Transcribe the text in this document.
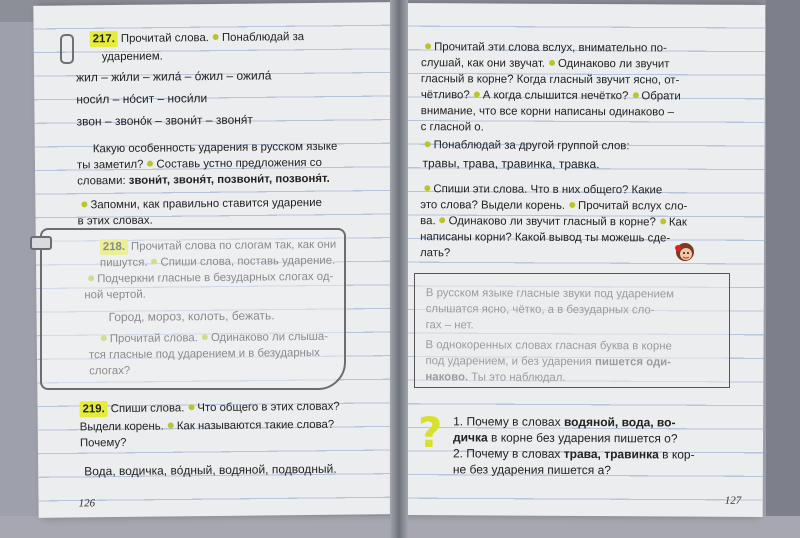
217. Прочитай слова. Понаблюдай за

ударением.

жил – жи́ли – жила́ – о́жил – ожила́

носи́л – но́сит – носи́ли

звон – звоно́к – звони́т – звоня́т

Какую особенность ударения в русском языке

ты заметил? Составь устно предложения со

словами: звони́т, звоня́т, позвони́т, позвоня́т.

Запомни, как правильно ставится ударение

в этих словах.

219. Спиши слова. Что общего в этих словах?

Выдели корень. Как называются такие слова?

Почему?

Вода, водичка, во́дный, водяной, подводный.

126

Прочитай эти слова вслух, внимательно по-

слушай, как они звучат. Одинаково ли звучит

гласный в корне? Когда гласный звучит ясно, от-

чётливо? А когда слышится нечётко? Обрати

внимание, что все корни написаны одинаково –

с гласной о.

Понаблюдай за другой группой слов:

травы, трава, травинка, травка.

Спиши эти слова. Что в них общего? Какие

это слова? Выдели корень. Прочитай вслух сло-

ва. Одинаково ли звучит гласный в корне? Как

написаны корни? Какой вывод ты можешь сде-

лать?

1. Почему в словах водяной, вода, во-

дичка в корне без ударения пишется о?

2. Почему в словах трава, травинка в кор-

не без ударения пишется а?

127
?
